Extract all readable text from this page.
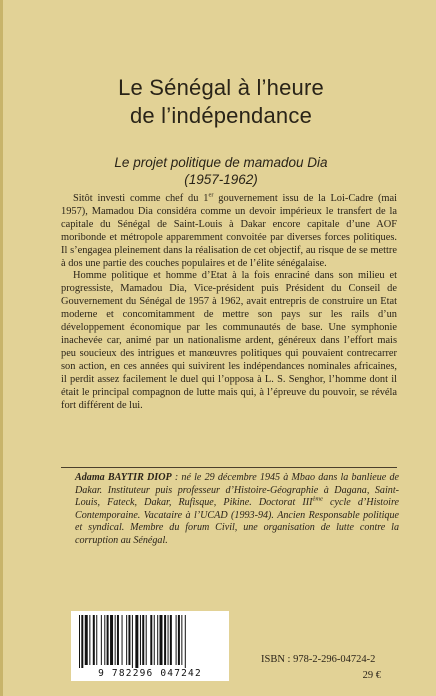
Le Sénégal à l’heure
de l’indépendance
Le projet politique de mamadou Dia
(1957-1962)

Sitôt investi comme chef du 1er gouvernement issu de la Loi-Cadre (mai 1957), Mamadou Dia considéra comme un devoir impérieux le transfert de la capitale du Sénégal de Saint-Louis à Dakar encore capitale d’une AOF moribonde et métropole apparemment convoitée par diverses forces politiques. Il s’engagea pleinement dans la réalisation de cet objectif, au risque de se mettre à dos une partie des couches populaires et de l’élite sénégalaise.

Homme politique et homme d’Etat à la fois enraciné dans son milieu et progressiste, Mamadou Dia, Vice-président puis Président du Conseil de Gouvernement du Sénégal de 1957 à 1962, avait entrepris de construire un Etat moderne et concomitamment de mettre son pays sur les rails d’un développement économique par les communautés de base. Une symphonie inachevée car, animé par un nationalisme ardent, généreux dans l’effort mais peu soucieux des intrigues et manœuvres politiques qui pouvaient contrecarrer son action, en ces années qui suivirent les indépendances nominales africaines, il perdit assez facilement le duel qui l’opposa à L. S. Senghor, l’homme dont il était le principal compagnon de lutte mais qui, à l’épreuve du pouvoir, se révéla fort différent de lui.

Adama BAYTIR DIOP : né le 29 décembre 1945 à Mbao dans la banlieue de Dakar. Instituteur puis professeur d’Histoire-Géographie à Dagana, Saint-Louis, Fateck, Dakar, Rufisque, Pikine. Doctorat IIIème cycle d’Histoire Contemporaine. Vacataire à l’UCAD (1993-94). Ancien Responsable politique et syndical. Membre du forum Civil, une organisation de lutte contre la corruption au Sénégal.
9 782296 047242
ISBN : 978-2-296-04724-2
29 €
